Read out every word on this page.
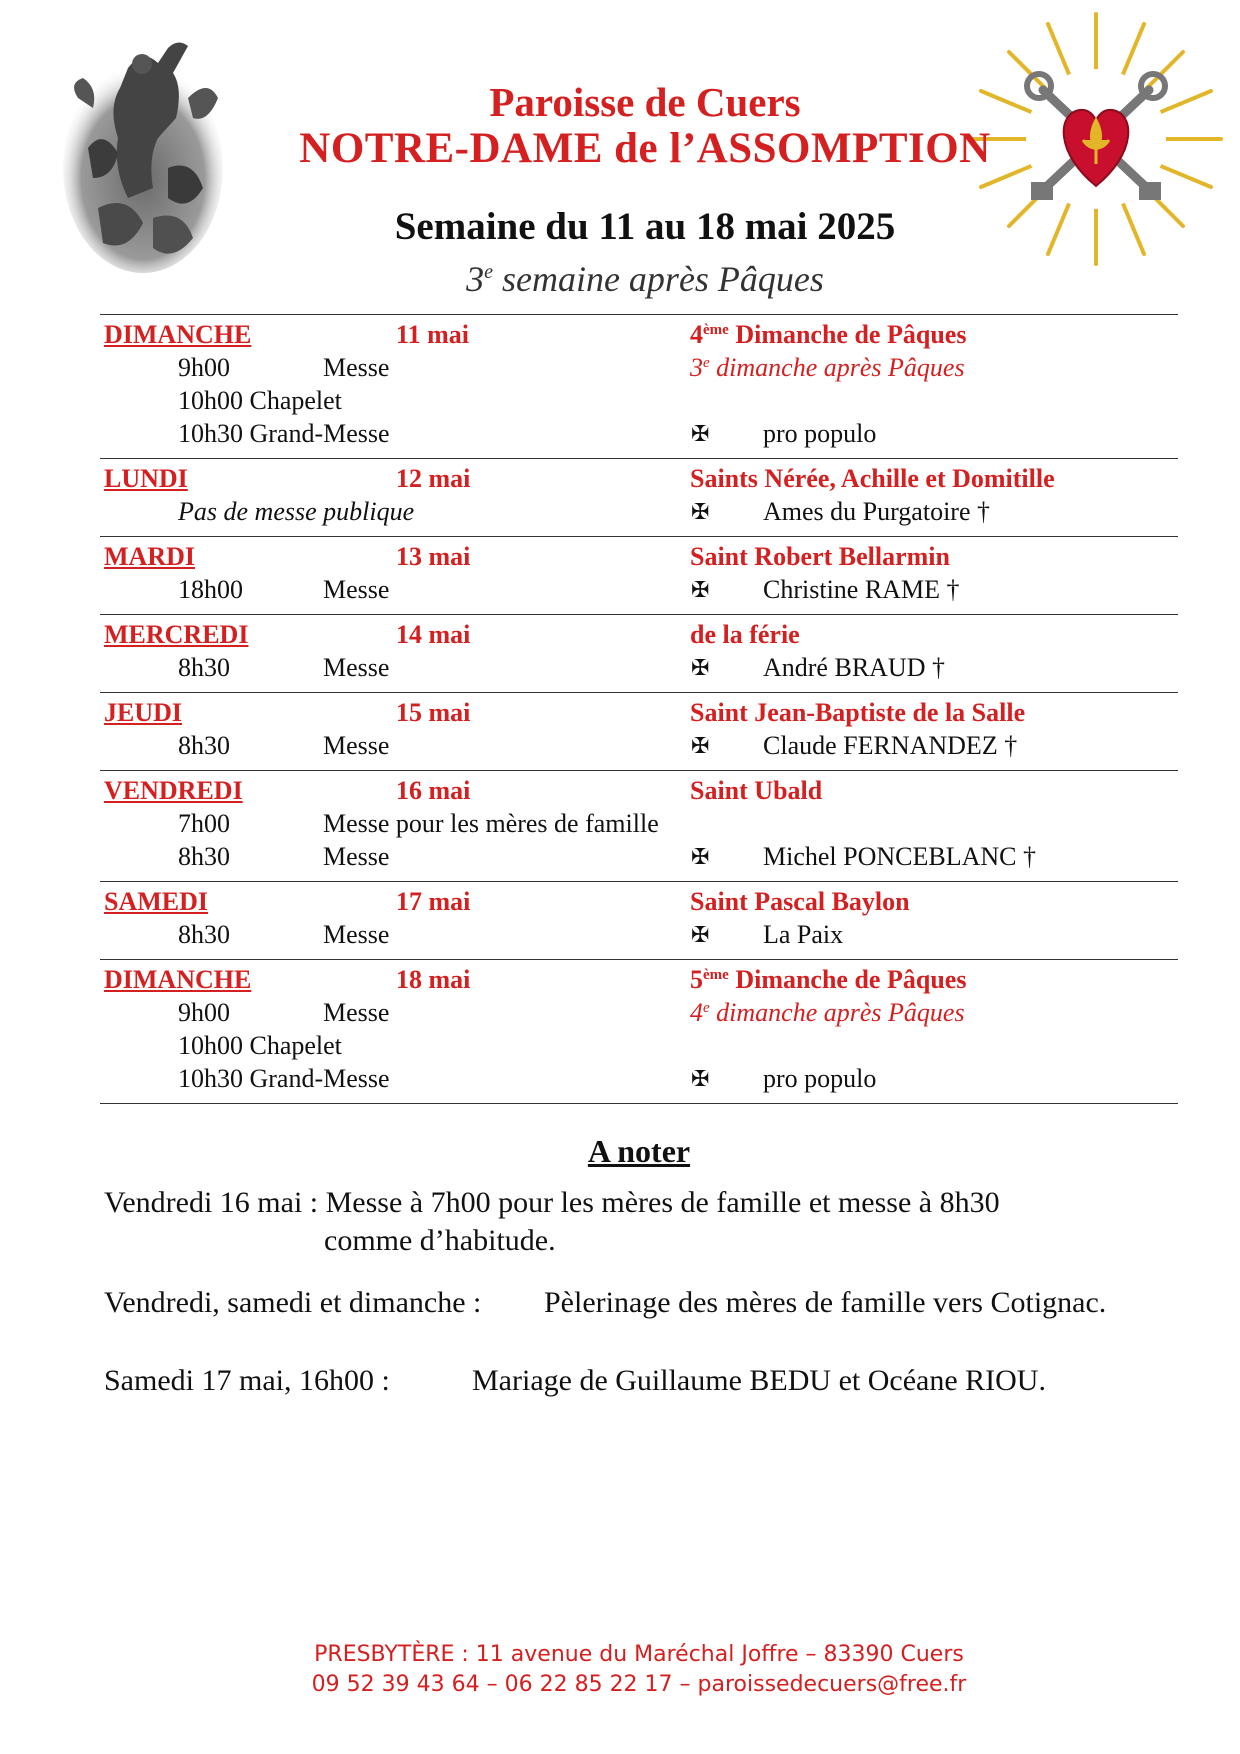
Paroisse de Cuers
NOTRE-DAME de l’ASSOMPTION
Semaine du 11 au 18 mai 2025
3e semaine après Pâques
DIMANCHE	11 mai	4ème Dimanche de Pâques
9h00	Messe	3e dimanche après Pâques
10h00 Chapelet
10h30 Grand-Messe	✠ pro populo
LUNDI	12 mai	Saints Nérée, Achille et Domitille
Pas de messe publique	✠ Ames du Purgatoire †
MARDI	13 mai	Saint Robert Bellarmin
18h00	Messe	✠ Christine RAME †
MERCREDI	14 mai	de la férie
8h30	Messe	✠ André BRAUD †
JEUDI	15 mai	Saint Jean-Baptiste de la Salle
8h30	Messe	✠ Claude FERNANDEZ †
VENDREDI	16 mai	Saint Ubald
7h00	Messe pour les mères de famille
8h30	Messe	✠ Michel PONCEBLANC †
SAMEDI	17 mai	Saint Pascal Baylon
8h30	Messe	✠ La Paix
DIMANCHE	18 mai	5ème Dimanche de Pâques
9h00	Messe	4e dimanche après Pâques
10h00 Chapelet
10h30 Grand-Messe	✠ pro populo
A noter
Vendredi 16 mai : Messe à 7h00 pour les mères de famille et messe à 8h30
comme d’habitude.
Vendredi, samedi et dimanche : Pèlerinage des mères de famille vers Cotignac.
Samedi 17 mai, 16h00 :	Mariage de Guillaume BEDU et Océane RIOU.
PRESBYTÈRE : 11 avenue du Maréchal Joffre – 83390 Cuers
09 52 39 43 64 – 06 22 85 22 17 – paroissedecuers@free.fr
